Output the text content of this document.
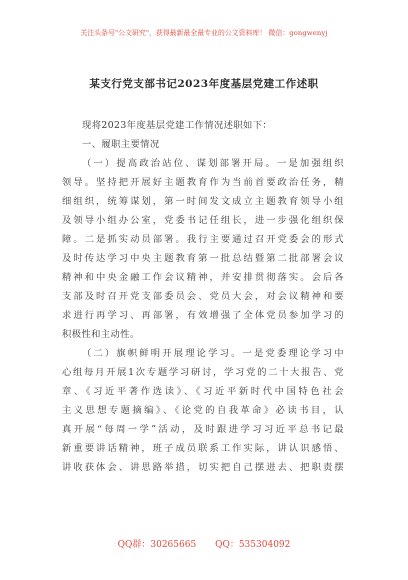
关注头条号"公文研究"，获得最新最全最专业的公文资料库！ 微信：gongwenyj
某支行党支部书记2023年度基层党建工作述职
现将2023年度基层党建工作情况述职如下：
一、履职主要情况
（一）提高政治站位、谋划部署开局。一是加强组织
领导。坚持把开展好主题教育作为当前首要政治任务，精
细组织，统筹谋划，第一时间发文成立主题教育领导小组
及领导小组办公室，党委书记任组长，进一步强化组织保
障。二是抓实动员部署。我行主要通过召开党委会的形式
及时传达学习中央主题教育第一批总结暨第二批部署会议
精神和中央金融工作会议精神，并安排贯彻落实。会后各
支部及时召开党支部委员会、党员大会，对会议精神和要
求进行再学习、再部署，有效增强了全体党员参加学习的
积极性和主动性。
（二）旗帜鲜明开展理论学习。一是党委理论学习中
心组每月开展1次专题学习研讨，学习党的二十大报告、党
章、《习近平著作选读》、《习近平新时代中国特色社会
主义思想专题摘编》、《论党的自我革命》必读书目，认
真开展“每周一学”活动，及时跟进学习习近平总书记最
新重要讲话精神，班子成员联系工作实际，讲认识感悟、
讲收获体会、讲思路举措，切实把自己摆进去、把职责摆
QQ群：30265665 QQ：535304092
